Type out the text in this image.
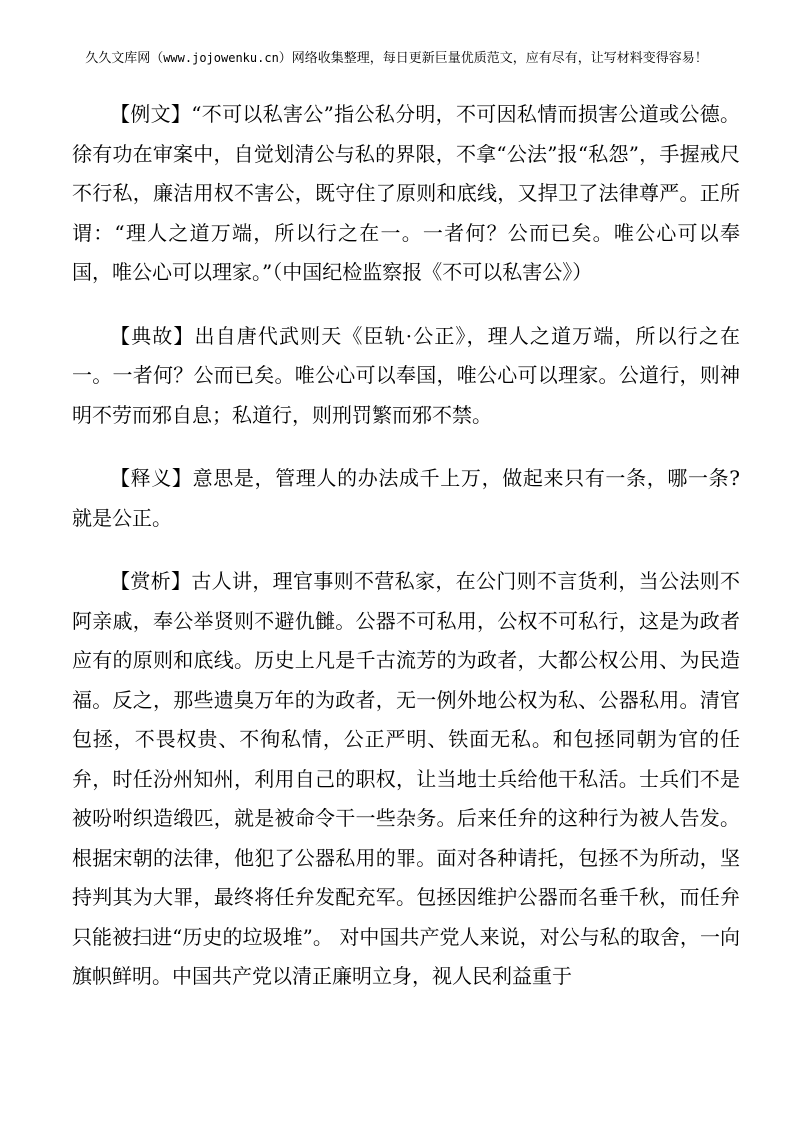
久久文库网（www.jojowenku.cn）网络收集整理，每日更新巨量优质范文，应有尽有，让写材料变得容易！

【例文】“不可以私害公”指公私分明，不可因私情而损害公道或公德。徐有功在审案中，自觉划清公与私的界限，不拿“公法”报“私怨”，手握戒尺不行私，廉洁用权不害公，既守住了原则和底线，又捍卫了法律尊严。正所谓：“理人之道万端，所以行之在一。一者何？公而已矣。唯公心可以奉国，唯公心可以理家。”（中国纪检监察报《不可以私害公》）

【典故】出自唐代武则天《臣轨·公正》，理人之道万端，所以行之在一。一者何？公而已矣。唯公心可以奉国，唯公心可以理家。公道行，则神明不劳而邪自息；私道行，则刑罚繁而邪不禁。

【释义】意思是，管理人的办法成千上万，做起来只有一条，哪一条?就是公正。

【赏析】古人讲，理官事则不营私家，在公门则不言货利，当公法则不阿亲戚，奉公举贤则不避仇雠。公器不可私用，公权不可私行，这是为政者应有的原则和底线。历史上凡是千古流芳的为政者，大都公权公用、为民造福。反之，那些遗臭万年的为政者，无一例外地公权为私、公器私用。清官包拯，不畏权贵、不徇私情，公正严明、铁面无私。和包拯同朝为官的任弁，时任汾州知州，利用自己的职权，让当地士兵给他干私活。士兵们不是被吩咐织造缎匹，就是被命令干一些杂务。后来任弁的这种行为被人告发。根据宋朝的法律，他犯了公器私用的罪。面对各种请托，包拯不为所动，坚持判其为大罪，最终将任弁发配充军。包拯因维护公器而名垂千秋，而任弁只能被扫进“历史的垃圾堆”。 对中国共产党人来说，对公与私的取舍，一向旗帜鲜明。中国共产党以清正廉明立身，视人民利益重于
